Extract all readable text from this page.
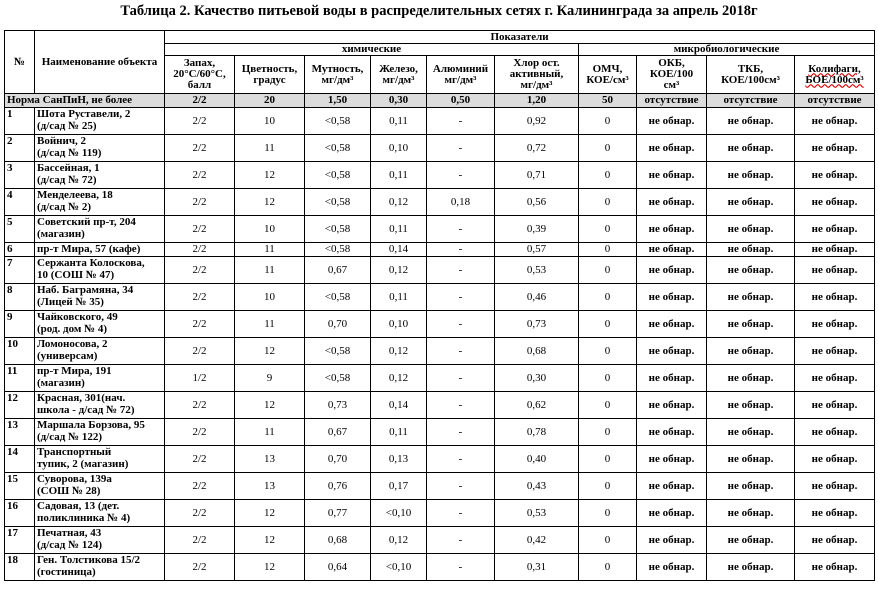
Таблица 2. Качество питьевой воды в распределительных сетях г. Калининграда за апрель 2018г
№	Наименование объекта	Показатели									
		химические						микробиологические			
		Запах,
20°С/60°С,
балл	Цветность,
градус	Мутность,
мг/дм³	Железо,
мг/дм³	Алюминий
мг/дм³	Хлор ост.
активный,
мг/дм³	ОМЧ,
КОЕ/см³	ОКБ,
КОЕ/100
см³	ТКБ,
КОЕ/100см³	Колифаги,
БОЕ/100см³
Норма СанПиН, не более		2/2	20	1,50	0,30	0,50	1,20	50	отсутствие	отсутствие	отсутствие
1	Шота Руставели, 2
(д/сад № 25)	2/2	10	<0,58	0,11	-	0,92	0	не обнар.	не обнар.	не обнар.
2	Войнич, 2
(д/сад № 119)	2/2	11	<0,58	0,10	-	0,72	0	не обнар.	не обнар.	не обнар.
3	Бассейная, 1
(д/сад № 72)	2/2	12	<0,58	0,11	-	0,71	0	не обнар.	не обнар.	не обнар.
4	Менделеева, 18
(д/сад № 2)	2/2	12	<0,58	0,12	0,18	0,56	0	не обнар.	не обнар.	не обнар.
5	Советский пр-т, 204
(магазин)	2/2	10	<0,58	0,11	-	0,39	0	не обнар.	не обнар.	не обнар.
6	пр-т Мира, 57 (кафе)	2/2	11	<0,58	0,14	-	0,57	0	не обнар.	не обнар.	не обнар.
7	Сержанта Колоскова,
10 (СОШ № 47)	2/2	11	0,67	0,12	-	0,53	0	не обнар.	не обнар.	не обнар.
8	Наб. Баграмяна, 34
(Лицей № 35)	2/2	10	<0,58	0,11	-	0,46	0	не обнар.	не обнар.	не обнар.
9	Чайковского, 49
(род. дом № 4)	2/2	11	0,70	0,10	-	0,73	0	не обнар.	не обнар.	не обнар.
10	Ломоносова, 2
(универсам)	2/2	12	<0,58	0,12	-	0,68	0	не обнар.	не обнар.	не обнар.
11	пр-т Мира, 191
(магазин)	1/2	9	<0,58	0,12	-	0,30	0	не обнар.	не обнар.	не обнар.
12	Красная, 301(нач.
школа - д/сад № 72)	2/2	12	0,73	0,14	-	0,62	0	не обнар.	не обнар.	не обнар.
13	Маршала Борзова, 95
(д/сад № 122)	2/2	11	0,67	0,11	-	0,78	0	не обнар.	не обнар.	не обнар.
14	Транспортный
тупик, 2 (магазин)	2/2	13	0,70	0,13	-	0,40	0	не обнар.	не обнар.	не обнар.
15	Суворова, 139а
(СОШ № 28)	2/2	13	0,76	0,17	-	0,43	0	не обнар.	не обнар.	не обнар.
16	Садовая, 13 (дет.
поликлиника № 4)	2/2	12	0,77	<0,10	-	0,53	0	не обнар.	не обнар.	не обнар.
17	Печатная, 43
(д/сад № 124)	2/2	12	0,68	0,12	-	0,42	0	не обнар.	не обнар.	не обнар.
18	Ген. Толстикова 15/2
(гостиница)	2/2	12	0,64	<0,10	-	0,31	0	не обнар.	не обнар.	не обнар.
